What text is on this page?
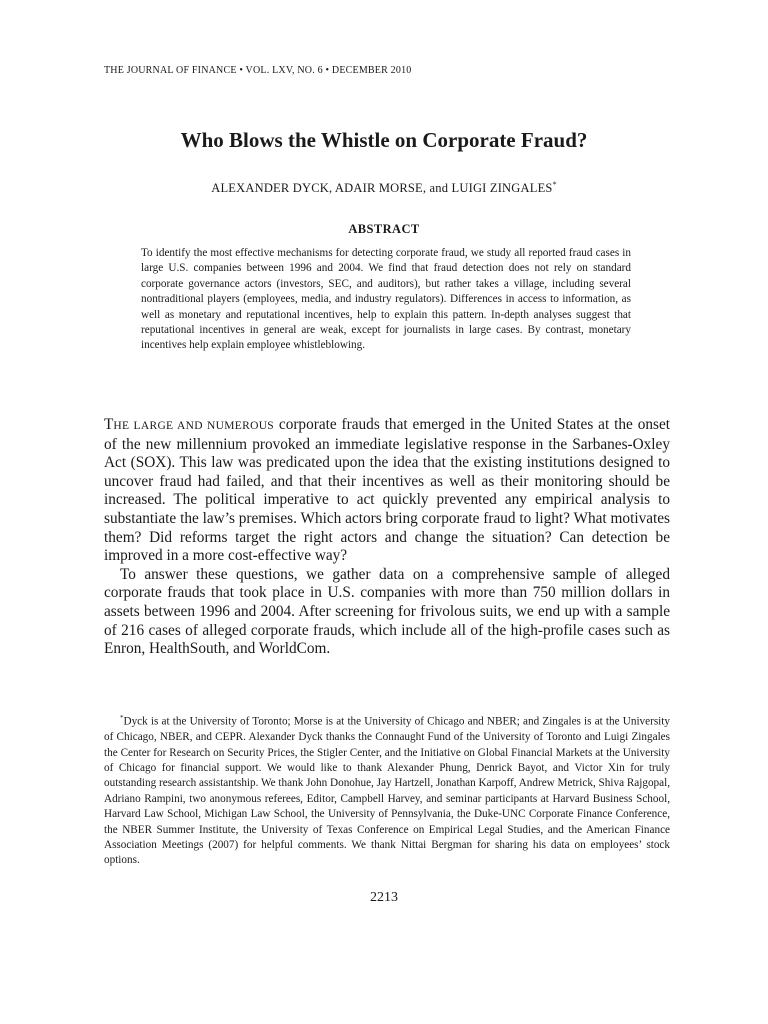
THE JOURNAL OF FINANCE • VOL. LXV, NO. 6 • DECEMBER 2010
Who Blows the Whistle on Corporate Fraud?
ALEXANDER DYCK, ADAIR MORSE, and LUIGI ZINGALES*
ABSTRACT

To identify the most effective mechanisms for detecting corporate fraud, we study all reported fraud cases in large U.S. companies between 1996 and 2004. We find that fraud detection does not rely on standard corporate governance actors (investors, SEC, and auditors), but rather takes a village, including several nontraditional players (employees, media, and industry regulators). Differences in access to information, as well as monetary and reputational incentives, help to explain this pattern. In-depth analyses suggest that reputational incentives in general are weak, except for journalists in large cases. By contrast, monetary incentives help explain employee whistleblowing.

THE LARGE AND NUMEROUS corporate frauds that emerged in the United States at the onset of the new millennium provoked an immediate legislative response in the Sarbanes-Oxley Act (SOX). This law was predicated upon the idea that the existing institutions designed to uncover fraud had failed, and that their incentives as well as their monitoring should be increased. The political imperative to act quickly prevented any empirical analysis to substantiate the law’s premises. Which actors bring corporate fraud to light? What motivates them? Did reforms target the right actors and change the situation? Can detection be improved in a more cost-effective way?

To answer these questions, we gather data on a comprehensive sample of alleged corporate frauds that took place in U.S. companies with more than 750 million dollars in assets between 1996 and 2004. After screening for frivolous suits, we end up with a sample of 216 cases of alleged corporate frauds, which include all of the high-profile cases such as Enron, HealthSouth, and WorldCom.

*Dyck is at the University of Toronto; Morse is at the University of Chicago and NBER; and Zingales is at the University of Chicago, NBER, and CEPR. Alexander Dyck thanks the Connaught Fund of the University of Toronto and Luigi Zingales the Center for Research on Security Prices, the Stigler Center, and the Initiative on Global Financial Markets at the University of Chicago for financial support. We would like to thank Alexander Phung, Denrick Bayot, and Victor Xin for truly outstanding research assistantship. We thank John Donohue, Jay Hartzell, Jonathan Karpoff, Andrew Metrick, Shiva Rajgopal, Adriano Rampini, two anonymous referees, Editor, Campbell Harvey, and seminar participants at Harvard Business School, Harvard Law School, Michigan Law School, the University of Pennsylvania, the Duke-UNC Corporate Finance Conference, the NBER Summer Institute, the University of Texas Conference on Empirical Legal Studies, and the American Finance Association Meetings (2007) for helpful comments. We thank Nittai Bergman for sharing his data on employees’ stock options.

2213
